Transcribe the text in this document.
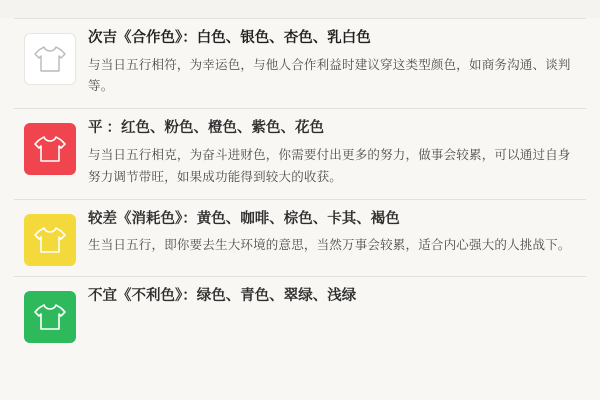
次吉《合作色》：白色、银色、杏色、乳白色

与当日五行相符，为幸运色，与他人合作利益时建议穿这类型颜色，如商务沟通、谈判等。

平 ：红色、粉色、橙色、紫色、花色

与当日五行相克，为奋斗进财色，你需要付出更多的努力，做事会较累，可以通过自身努力调节带旺，如果成功能得到较大的收获。

较差《消耗色》：黄色、咖啡、棕色、卡其、褐色

生当日五行，即你要去生大环境的意思，当然万事会较累，适合内心强大的人挑战下。

不宜《不利色》：绿色、青色、翠绿、浅绿
